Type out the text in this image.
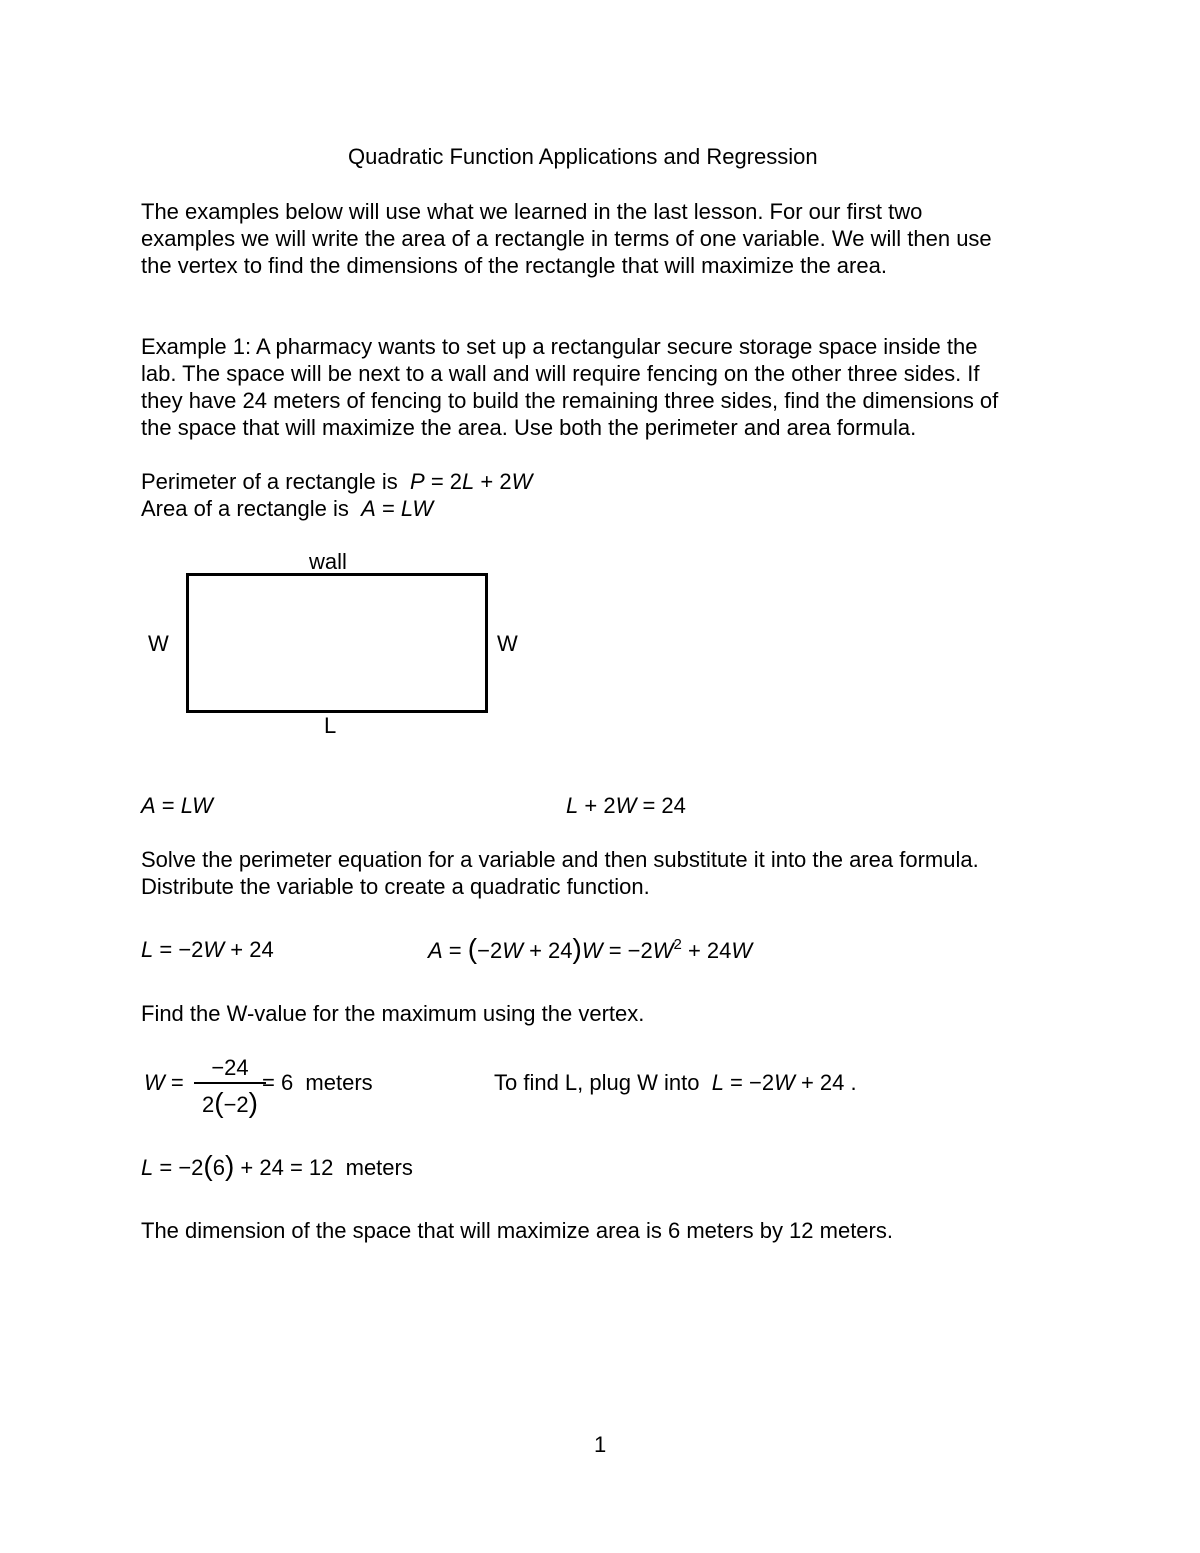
Quadratic Function Applications and Regression
The examples below will use what we learned in the last lesson. For our first two
examples we will write the area of a rectangle in terms of one variable. We will then use
the vertex to find the dimensions of the rectangle that will maximize the area.
Example 1: A pharmacy wants to set up a rectangular secure storage space inside the
lab. The space will be next to a wall and will require fencing on the other three sides. If
they have 24 meters of fencing to build the remaining three sides, find the dimensions of
the space that will maximize the area. Use both the perimeter and area formula.
Perimeter of a rectangle is P = 2L + 2W
Area of a rectangle is A = LW
wall
W	W
L
A = LW	L + 2W = 24
Solve the perimeter equation for a variable and then substitute it into the area formula.
Distribute the variable to create a quadratic function.
L = −2W + 24	$A = (-2W + 24)W = -2W^2 + 24W$
Find the W-value for the maximum using the vertex.
W =
−24
2(−2)
= 6  meters	To find L, plug W into L = −2W + 24 .
L = −2(6) + 24 = 12  meters
The dimension of the space that will maximize area is 6 meters by 12 meters.
1
